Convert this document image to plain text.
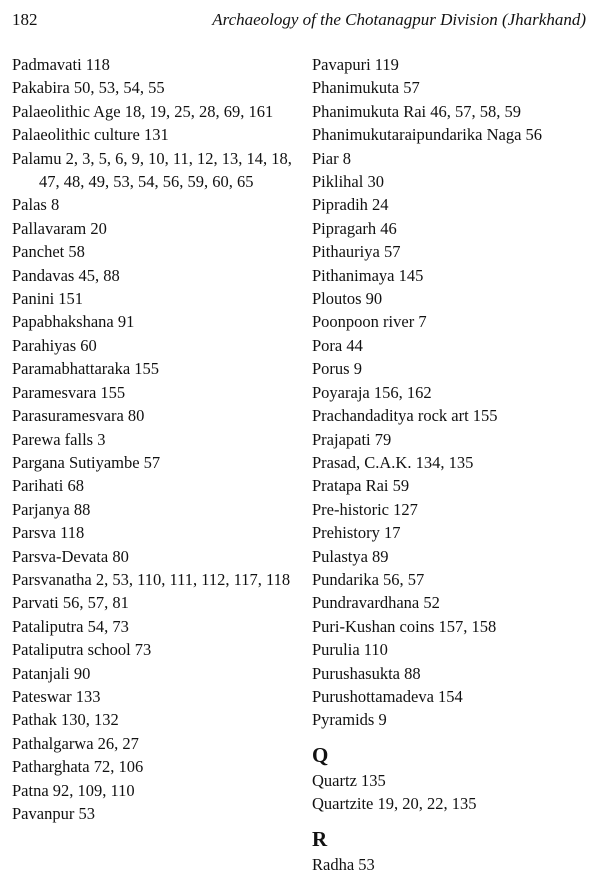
182	Archaeology of the Chotanagpur Division (Jharkhand)
Padmavati 118
Pakabira 50, 53, 54, 55
Palaeolithic Age 18, 19, 25, 28, 69, 161
Palaeolithic culture 131
Palamu 2, 3, 5, 6, 9, 10, 11, 12, 13, 14, 18, 47, 48, 49, 53, 54, 56, 59, 60, 65
Palas 8
Pallavaram 20
Panchet 58
Pandavas 45, 88
Panini 151
Papabhakshana 91
Parahiyas 60
Paramabhattaraka 155
Paramesvara 155
Parasuramesvara 80
Parewa falls 3
Pargana Sutiyambe 57
Parihati 68
Parjanya 88
Parsva 118
Parsva-Devata 80
Parsvanatha 2, 53, 110, 111, 112, 117, 118
Parvati 56, 57, 81
Pataliputra 54, 73
Pataliputra school 73
Patanjali 90
Pateswar 133
Pathak 130, 132
Pathalgarwa 26, 27
Patharghata 72, 106
Patna 92, 109, 110
Pavanpur 53
Pavapuri 119
Phanimukuta 57
Phanimukuta Rai 46, 57, 58, 59
Phanimukutaraipundarika Naga 56
Piar 8
Piklihal 30
Pipradih 24
Pipragarh 46
Pithauriya 57
Pithanimaya 145
Ploutos 90
Poonpoon river 7
Pora 44
Porus 9
Poyaraja 156, 162
Prachandaditya rock art 155
Prajapati 79
Prasad, C.A.K. 134, 135
Pratapa Rai 59
Pre-historic 127
Prehistory 17
Pulastya 89
Pundarika 56, 57
Pundravardhana 52
Puri-Kushan coins 157, 158
Purulia 110
Purushasukta 88
Purushottamadeva 154
Pyramids 9
Q
Quartz 135
Quartzite 19, 20, 22, 135
R
Radha 53
